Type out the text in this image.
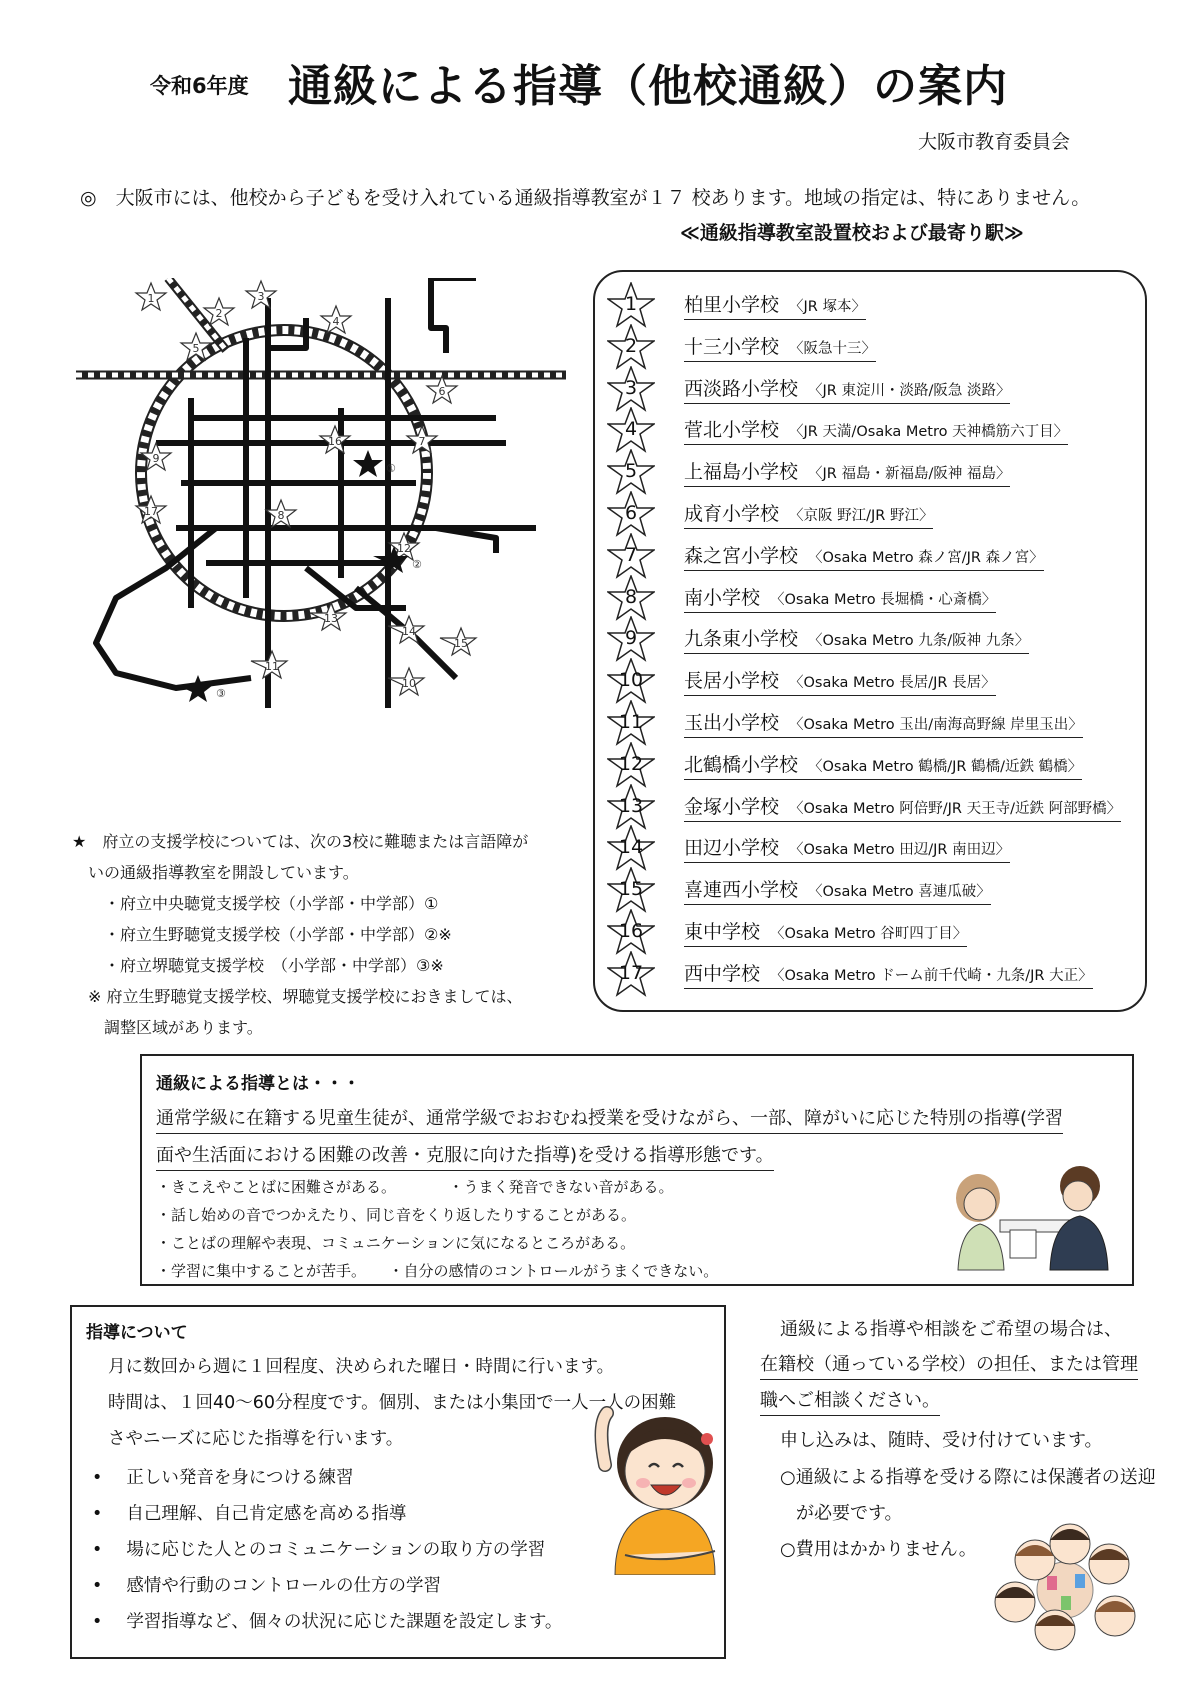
令和6年度 通級による指導（他校通級）の案内
大阪市教育委員会
◎　大阪市には、他校から子どもを受け入れている通級指導教室が１７ 校あります。地域の指定は、特にありません。
≪通級指導教室設置校および最寄り駅≫
1
2
3
4
5
6
7
16
9
17	8
12
13
14
15
11
10
①
②
③
1	柏里小学校 〈JR 塚本〉
2	十三小学校 〈阪急十三〉
3	西淡路小学校 〈JR 東淀川・淡路/阪急 淡路〉
4	菅北小学校 〈JR 天満/Osaka Metro 天神橋筋六丁目〉
5	上福島小学校 〈JR 福島・新福島/阪神 福島〉
6	成育小学校 〈京阪 野江/JR 野江〉
7	森之宮小学校 〈Osaka Metro 森ノ宮/JR 森ノ宮〉
8	南小学校 〈Osaka Metro 長堀橋・心斎橋〉
9	九条東小学校 〈Osaka Metro 九条/阪神 九条〉
10	長居小学校 〈Osaka Metro 長居/JR 長居〉
11	玉出小学校 〈Osaka Metro 玉出/南海高野線 岸里玉出〉
12	北鶴橋小学校 〈Osaka Metro 鶴橋/JR 鶴橋/近鉄 鶴橋〉
13	金塚小学校 〈Osaka Metro 阿倍野/JR 天王寺/近鉄 阿部野橋〉
14	田辺小学校 〈Osaka Metro 田辺/JR 南田辺〉
15	喜連西小学校 〈Osaka Metro 喜連瓜破〉
16	東中学校 〈Osaka Metro 谷町四丁目〉
17	西中学校 〈Osaka Metro ドーム前千代崎・九条/JR 大正〉
★　府立の支援学校については、次の3校に難聴または言語障が
　いの通級指導教室を開設しています。
　　・府立中央聴覚支援学校（小学部・中学部）①
　　・府立生野聴覚支援学校（小学部・中学部）②※
　　・府立堺聴覚支援学校　（小学部・中学部）③※
　※ 府立生野聴覚支援学校、堺聴覚支援学校におきましては、
　　調整区域があります。
通級による指導とは・・・
通常学級に在籍する児童生徒が、通常学級でおおむね授業を受けながら、一部、障がいに応じた特別の指導(学習
面や生活面における困難の改善・克服に向けた指導)を受ける指導形態です。
・きこえやことばに困難さがある。　　　　・うまく発音できない音がある。
・話し始めの音でつかえたり、同じ音をくり返したりすることがある。
・ことばの理解や表現、コミュニケーションに気になるところがある。
・学習に集中することが苦手。　　・自分の感情のコントロールがうまくできない。
指導について
月に数回から週に１回程度、決められた曜日・時間に行います。
時間は、１回40～60分程度です。個別、または小集団で一人一人の困難
さやニーズに応じた指導を行います。
• 正しい発音を身につける練習
• 自己理解、自己肯定感を高める指導
• 場に応じた人とのコミュニケーションの取り方の学習
• 感情や行動のコントロールの仕方の学習
• 学習指導など、個々の状況に応じた課題を設定します。
通級による指導や相談をご希望の場合は、
在籍校（通っている学校）の担任、または管理
職へご相談ください。
申し込みは、随時、受け付けています。
○通級による指導を受ける際には保護者の送迎
が必要です。
○費用はかかりません。
